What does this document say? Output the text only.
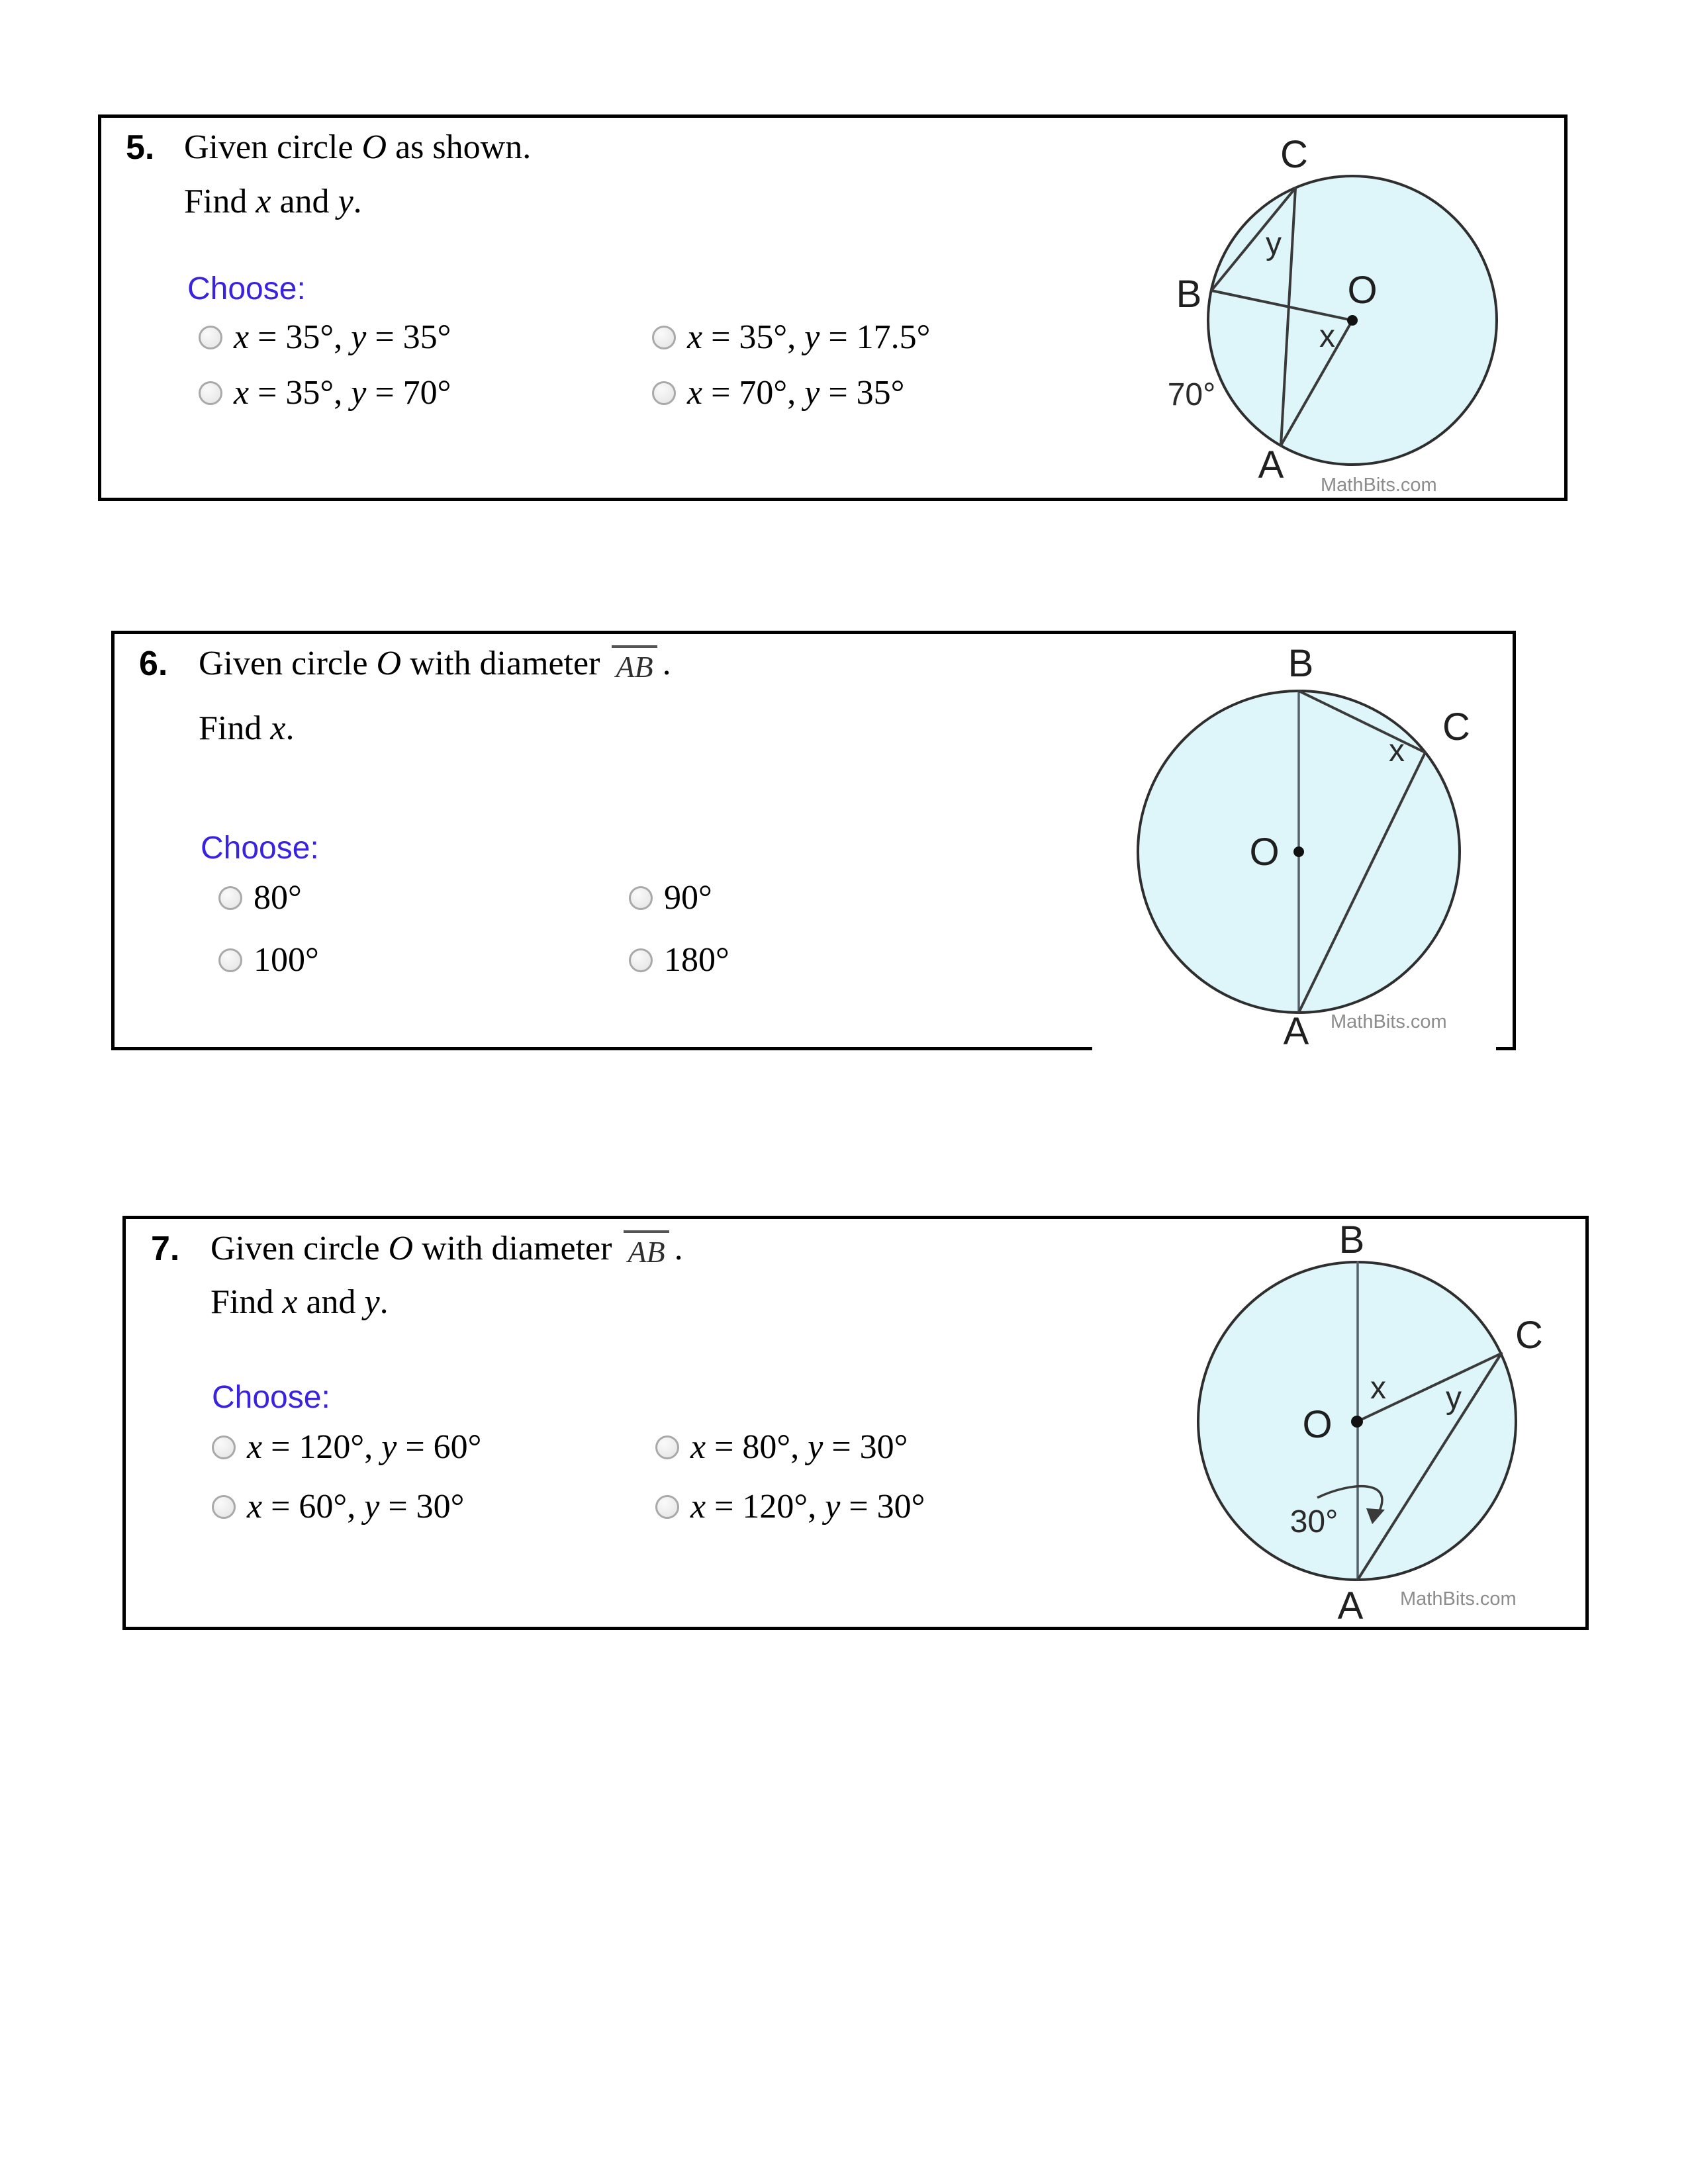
5. Given circle O as shown.
Find x and y.
Choose:
x = 35°, y = 35°	x = 35°, y = 17.5°
x = 35°, y = 70°	x = 70°, y = 35°
C
B	O
A
y
x
70°
MathBits.com
6. Given circle O with diameter AB .
Find x.
Choose:
80°	90°
100°	180°
B
O
C
A
x
MathBits.com
7. Given circle O with diameter AB .
Find x and y.
Choose:
x = 120°, y = 60°	x = 80°, y = 30°
x = 60°, y = 30°	x = 120°, y = 30°
B
O
C
A
x y
30°
MathBits.com
